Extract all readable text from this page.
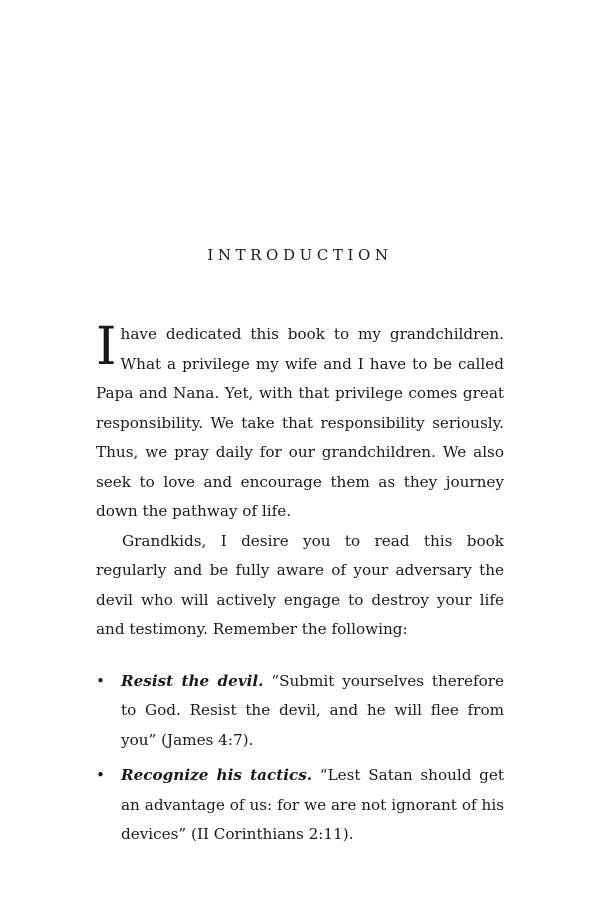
INTRODUCTION

I have dedicated this book to my grandchildren. What a privilege my wife and I have to be called Papa and Nana. Yet, with that privilege comes great responsibility. We take that responsibility seriously. Thus, we pray daily for our grandchildren. We also seek to love and encourage them as they journey down the pathway of life.

Grandkids, I desire you to read this book regularly and be fully aware of your adversary the devil who will actively engage to destroy your life and testimony. Remember the following:

• Resist the devil. “Submit yourselves therefore to God. Resist the devil, and he will flee from you” (James 4:7).
• Recognize his tactics. “Lest Satan should get an advantage of us: for we are not ignorant of his devices” (II Corinthians 2:11).
